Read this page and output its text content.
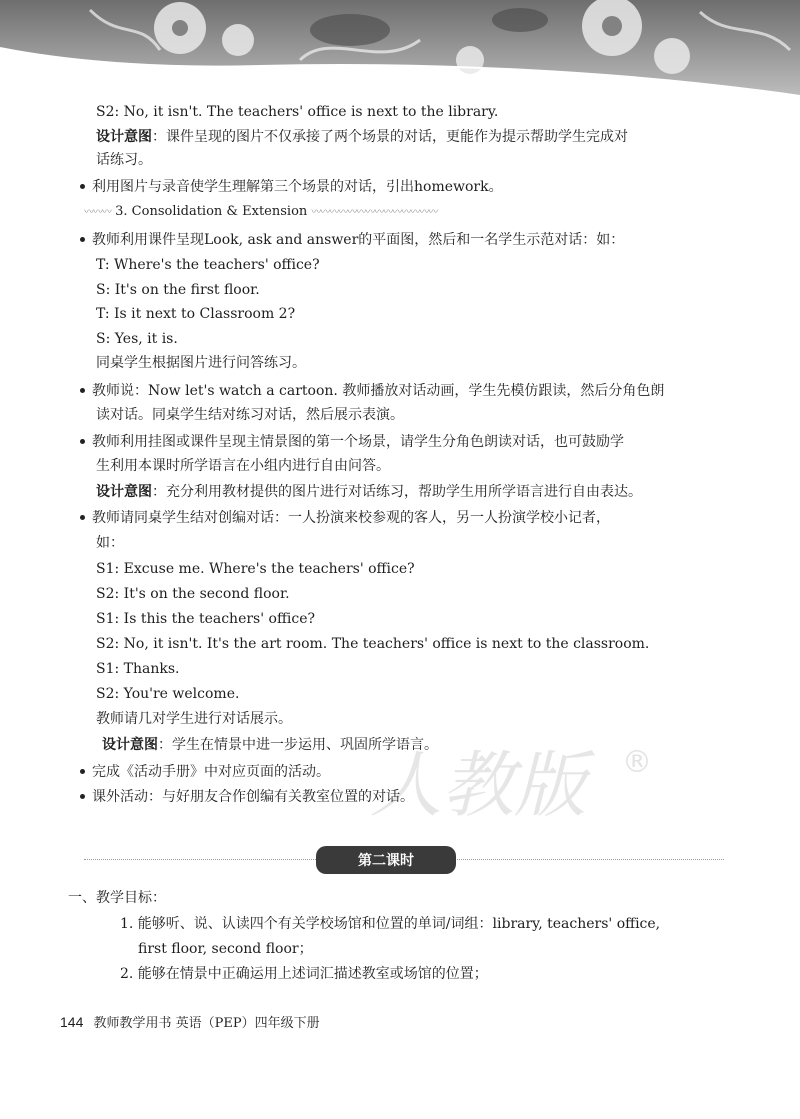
人教版 ®
S2: No, it isn't. The teachers' office is next to the library.
设计意图：课件呈现的图片不仅承接了两个场景的对话，更能作为提示帮助学生完成对
话练习。
利用图片与录音使学生理解第三个场景的对话，引出homework。
〰〰〰 3. Consolidation & Extension 〰〰〰〰〰〰〰〰〰〰〰〰〰〰
教师利用课件呈现Look, ask and answer的平面图，然后和一名学生示范对话：如：
T: Where's the teachers' office?
S: It's on the first floor.
T: Is it next to Classroom 2?
S: Yes, it is.
同桌学生根据图片进行问答练习。
教师说：Now let's watch a cartoon. 教师播放对话动画，学生先模仿跟读，然后分角色朗
读对话。同桌学生结对练习对话，然后展示表演。
教师利用挂图或课件呈现主情景图的第一个场景，请学生分角色朗读对话，也可鼓励学
生利用本课时所学语言在小组内进行自由问答。
设计意图：充分利用教材提供的图片进行对话练习，帮助学生用所学语言进行自由表达。
教师请同桌学生结对创编对话：一人扮演来校参观的客人，另一人扮演学校小记者，
如：
S1: Excuse me. Where's the teachers' office?
S2: It's on the second floor.
S1: Is this the teachers' office?
S2: No, it isn't. It's the art room. The teachers' office is next to the classroom.
S1: Thanks.
S2: You're welcome.
教师请几对学生进行对话展示。
设计意图：学生在情景中进一步运用、巩固所学语言。
完成《活动手册》中对应页面的活动。
课外活动：与好朋友合作创编有关教室位置的对话。
第二课时
一、教学目标：
1. 能够听、说、认读四个有关学校场馆和位置的单词/词组：library, teachers' office,
first floor, second floor；
2. 能够在情景中正确运用上述词汇描述教室或场馆的位置；
144 教师教学用书 英语（PEP）四年级下册
